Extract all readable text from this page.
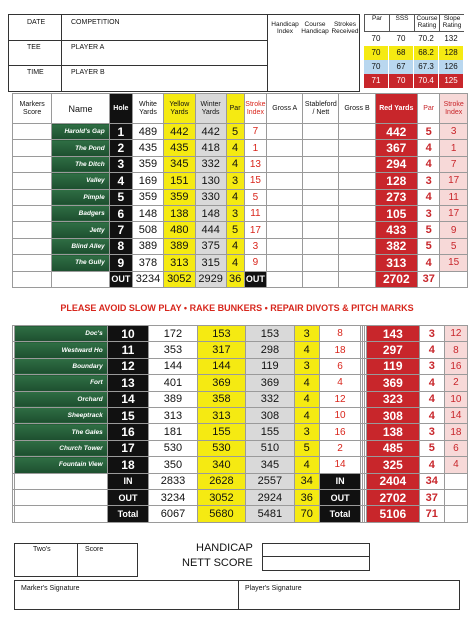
DATE	COMPETITION
TEE	PLAYER A
TIME	PLAYER B
Handicap Index
Course Handicap
Strokes Received
Par	SSS	Course Rating
Slope Rating
70	70	70.2	132
70	68	68.2	128
70	67	67.3	126
71	70	70.4	125
Markers Score	Name	Hole	White Yards	Yellow Yards	Winter Yards	Par	Stroke Index	Gross A	Stableford / Nett	Gross B	Red Yards	Par	Stroke Index
	Harold's Gap	1	489	442	442	5	7				442	5	3
	The Pond	2	435	435	418	4	1				367	4	1
	The Ditch	3	359	345	332	4	13				294	4	7
	Valley	4	169	151	130	3	15				128	3	17
	Pimple	5	359	359	330	4	5				273	4	11
	Badgers	6	148	138	148	3	11				105	3	17
	Jetty	7	508	480	444	5	17				433	5	9
	Blind Alley	8	389	389	375	4	3				382	5	5
	The Gully	9	378	313	315	4	9				313	4	15
		OUT	3234	3052	2929	36	OUT				2702	37	
PLEASE AVOID SLOW PLAY • RAKE BUNKERS • REPAIR DIVOTS & PITCH MARKS
	Doc's	10	172	153	153	3	8				143	3	12
	Westward Ho	11	353	317	298	4	18				297	4	8
	Boundary	12	144	144	119	3	6				119	3	16
	Fort	13	401	369	369	4	4				369	4	2
	Orchard	14	389	358	332	4	12				323	4	10
	Sheeptrack	15	313	313	308	4	10				308	4	14
	The Gales	16	181	155	155	3	16				138	3	18
	Church Tower	17	530	530	510	5	2				485	5	6
	Fountain View	18	350	340	345	4	14				325	4	4
		IN	2833	2628	2557	34	IN				2404	34	
		OUT	3234	3052	2924	36	OUT				2702	37	
		Total	6067	5680	5481	70	Total				5106	71	
Two's	Score	HANDICAP
NETT SCORE
Marker's Signature	Player's Signature
